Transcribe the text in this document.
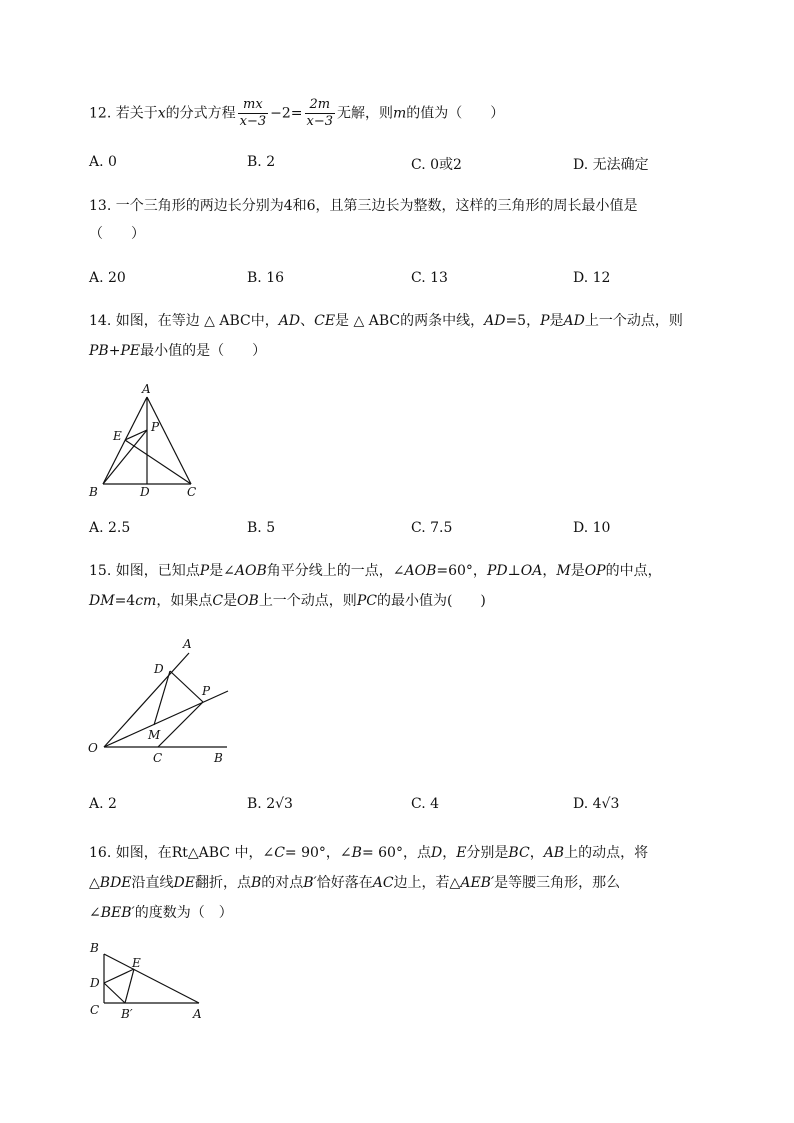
12. 若关于x的分式方程 $\frac{mx}{x-3} -2= \frac{2m}{x-3}$ 无解，则m的值为（　　）
A. 0	B. 2	C. 0或2	D. 无法确定
13. 一个三角形的两边长分别为4和6，且第三边长为整数，这样的三角形的周长最小值是
（　　）
A. 20	B. 16	C. 13	D. 12
14. 如图，在等边 △ ABC中，AD、CE是 △ ABC的两条中线，AD=5，P是AD上一个动点，则
PB+PE最小值的是（　　）
A
B	C
D
E
P
A. 2.5	B. 5	C. 7.5	D. 10
15. 如图，已知点P是∠AOB角平分线上的一点，∠AOB=60°，PD⊥OA，M是OP的中点，
DM=4cm，如果点C是OB上一个动点，则PC的最小值为(　　)
A
D
P
M
O
C	B
A. 2	B. 2√3	C. 4	D. 4√3
16. 如图，在Rt△ABC 中，∠C= 90°，∠B= 60°，点D，E分别是BC，AB上的动点，将
△BDE沿直线DE翻折，点B的对点B′恰好落在AC边上，若△AEB′是等腰三角形，那么
∠BEB′的度数为（　）
B
E
D
C B′	A
